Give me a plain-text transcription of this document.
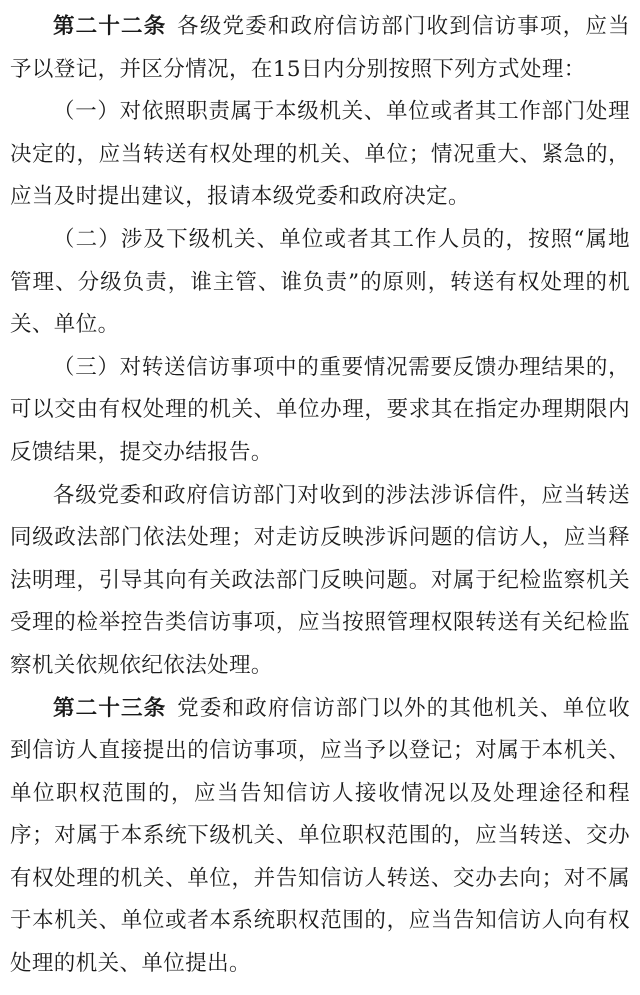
第二十二条 各级党委和政府信访部门收到信访事项，应当予以登记，并区分情况，在15日内分别按照下列方式处理：

（一）对依照职责属于本级机关、单位或者其工作部门处理决定的，应当转送有权处理的机关、单位；情况重大、紧急的，应当及时提出建议，报请本级党委和政府决定。

（二）涉及下级机关、单位或者其工作人员的，按照“属地管理、分级负责，谁主管、谁负责”的原则，转送有权处理的机关、单位。

（三）对转送信访事项中的重要情况需要反馈办理结果的，可以交由有权处理的机关、单位办理，要求其在指定办理期限内反馈结果，提交办结报告。

各级党委和政府信访部门对收到的涉法涉诉信件，应当转送同级政法部门依法处理；对走访反映涉诉问题的信访人，应当释法明理，引导其向有关政法部门反映问题。对属于纪检监察机关受理的检举控告类信访事项，应当按照管理权限转送有关纪检监察机关依规依纪依法处理。

第二十三条 党委和政府信访部门以外的其他机关、单位收到信访人直接提出的信访事项，应当予以登记；对属于本机关、单位职权范围的，应当告知信访人接收情况以及处理途径和程序；对属于本系统下级机关、单位职权范围的，应当转送、交办有权处理的机关、单位，并告知信访人转送、交办去向；对不属于本机关、单位或者本系统职权范围的，应当告知信访人向有权处理的机关、单位提出。
